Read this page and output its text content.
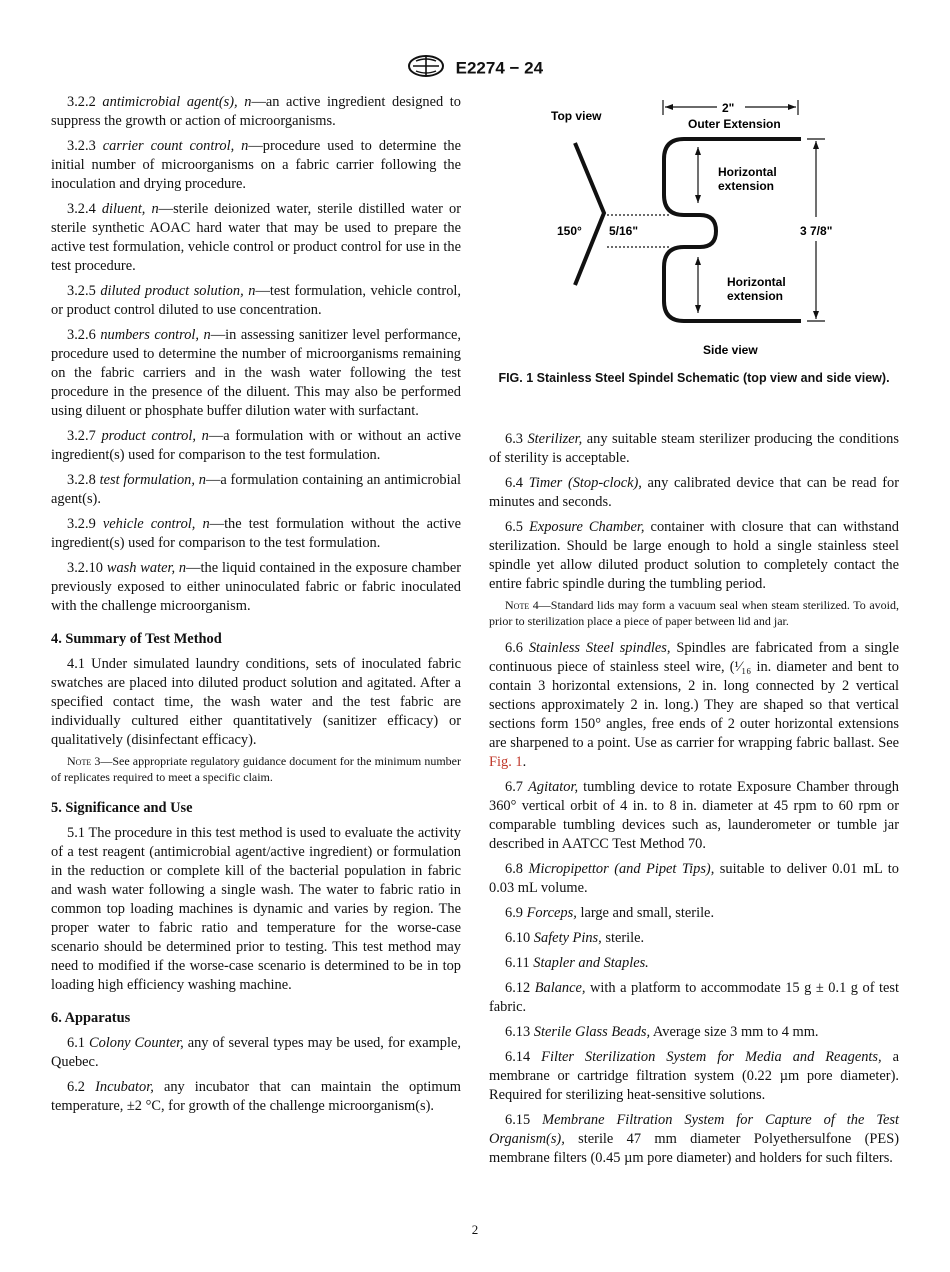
E2274 − 24

3.2.2 antimicrobial agent(s), n—an active ingredient designed to suppress the growth or action of microorganisms.

3.2.3 carrier count control, n—procedure used to determine the initial number of microorganisms on a fabric carrier following the inoculation and drying procedure.

3.2.4 diluent, n—sterile deionized water, sterile distilled water or sterile synthetic AOAC hard water that may be used to prepare the active test formulation, vehicle control or product control for use in the test procedure.

3.2.5 diluted product solution, n—test formulation, vehicle control, or product control diluted to use concentration.

3.2.6 numbers control, n—in assessing sanitizer level performance, procedure used to determine the number of microorganisms remaining on the fabric carriers and in the wash water following the test procedure in the presence of the diluent. This may also be performed using diluent or phosphate buffer dilution water with surfactant.

3.2.7 product control, n—a formulation with or without an active ingredient(s) used for comparison to the test formulation.

3.2.8 test formulation, n—a formulation containing an antimicrobial agent(s).

3.2.9 vehicle control, n—the test formulation without the active ingredient(s) used for comparison to the test formulation.

3.2.10 wash water, n—the liquid contained in the exposure chamber previously exposed to either uninoculated fabric or fabric inoculated with the challenge microorganism.

4. Summary of Test Method

4.1 Under simulated laundry conditions, sets of inoculated fabric swatches are placed into diluted product solution and agitated. After a specified contact time, the wash water and the test fabric are individually cultured either quantitatively (sanitizer efficacy) or qualitatively (disinfectant efficacy).

Note 3—See appropriate regulatory guidance document for the minimum number of replicates required to meet a specific claim.

5. Significance and Use

5.1 The procedure in this test method is used to evaluate the activity of a test reagent (antimicrobial agent/active ingredient) or formulation in the reduction or complete kill of the bacterial population in fabric and wash water following a single wash. The water to fabric ratio in common top loading machines is dynamic and varies by region. The proper water to fabric ratio and temperature for the worse-case scenario should be determined prior to testing. This test method may need to modified if the worse-case scenario is determined to be in top loading high efficiency washing machine.

6. Apparatus

6.1 Colony Counter, any of several types may be used, for example, Quebec.

6.2 Incubator, any incubator that can maintain the optimum temperature, ±2 °C, for growth of the challenge microorganism(s).

Top view
150° 5/16"
2"
Outer Extension
Horizontal
extension
Horizontal
extension
3 7/8"
Side view
FIG. 1 Stainless Steel Spindel Schematic (top view and side view).

6.3 Sterilizer, any suitable steam sterilizer producing the conditions of sterility is acceptable.

6.4 Timer (Stop-clock), any calibrated device that can be read for minutes and seconds.

6.5 Exposure Chamber, container with closure that can withstand sterilization. Should be large enough to hold a single stainless steel spindle yet allow diluted product solution to completely contact the entire fabric spindle during the tumbling period.

Note 4—Standard lids may form a vacuum seal when steam sterilized. To avoid, prior to sterilization place a piece of paper between lid and jar.

6.6 Stainless Steel spindles, Spindles are fabricated from a single continuous piece of stainless steel wire, (¹⁄₁₆ in. diameter and bent to contain 3 horizontal extensions, 2 in. long connected by 2 vertical sections approximately 2 in. long.) They are shaped so that vertical sections form 150° angles, free ends of 2 outer horizontal extensions are sharpened to a point. Use as carrier for wrapping fabric ballast. See Fig. 1.

6.7 Agitator, tumbling device to rotate Exposure Chamber through 360° vertical orbit of 4 in. to 8 in. diameter at 45 rpm to 60 rpm or comparable tumbling devices such as, launderometer or tumble jar described in AATCC Test Method 70.

6.8 Micropipettor (and Pipet Tips), suitable to deliver 0.01 mL to 0.03 mL volume.

6.9 Forceps, large and small, sterile.

6.10 Safety Pins, sterile.

6.11 Stapler and Staples.

6.12 Balance, with a platform to accommodate 15 g ± 0.1 g of test fabric.

6.13 Sterile Glass Beads, Average size 3 mm to 4 mm.

6.14 Filter Sterilization System for Media and Reagents, a membrane or cartridge filtration system (0.22 µm pore diameter). Required for sterilizing heat-sensitive solutions.

6.15 Membrane Filtration System for Capture of the Test Organism(s), sterile 47 mm diameter Polyethersulfone (PES) membrane filters (0.45 µm pore diameter) and holders for such filters.

2
